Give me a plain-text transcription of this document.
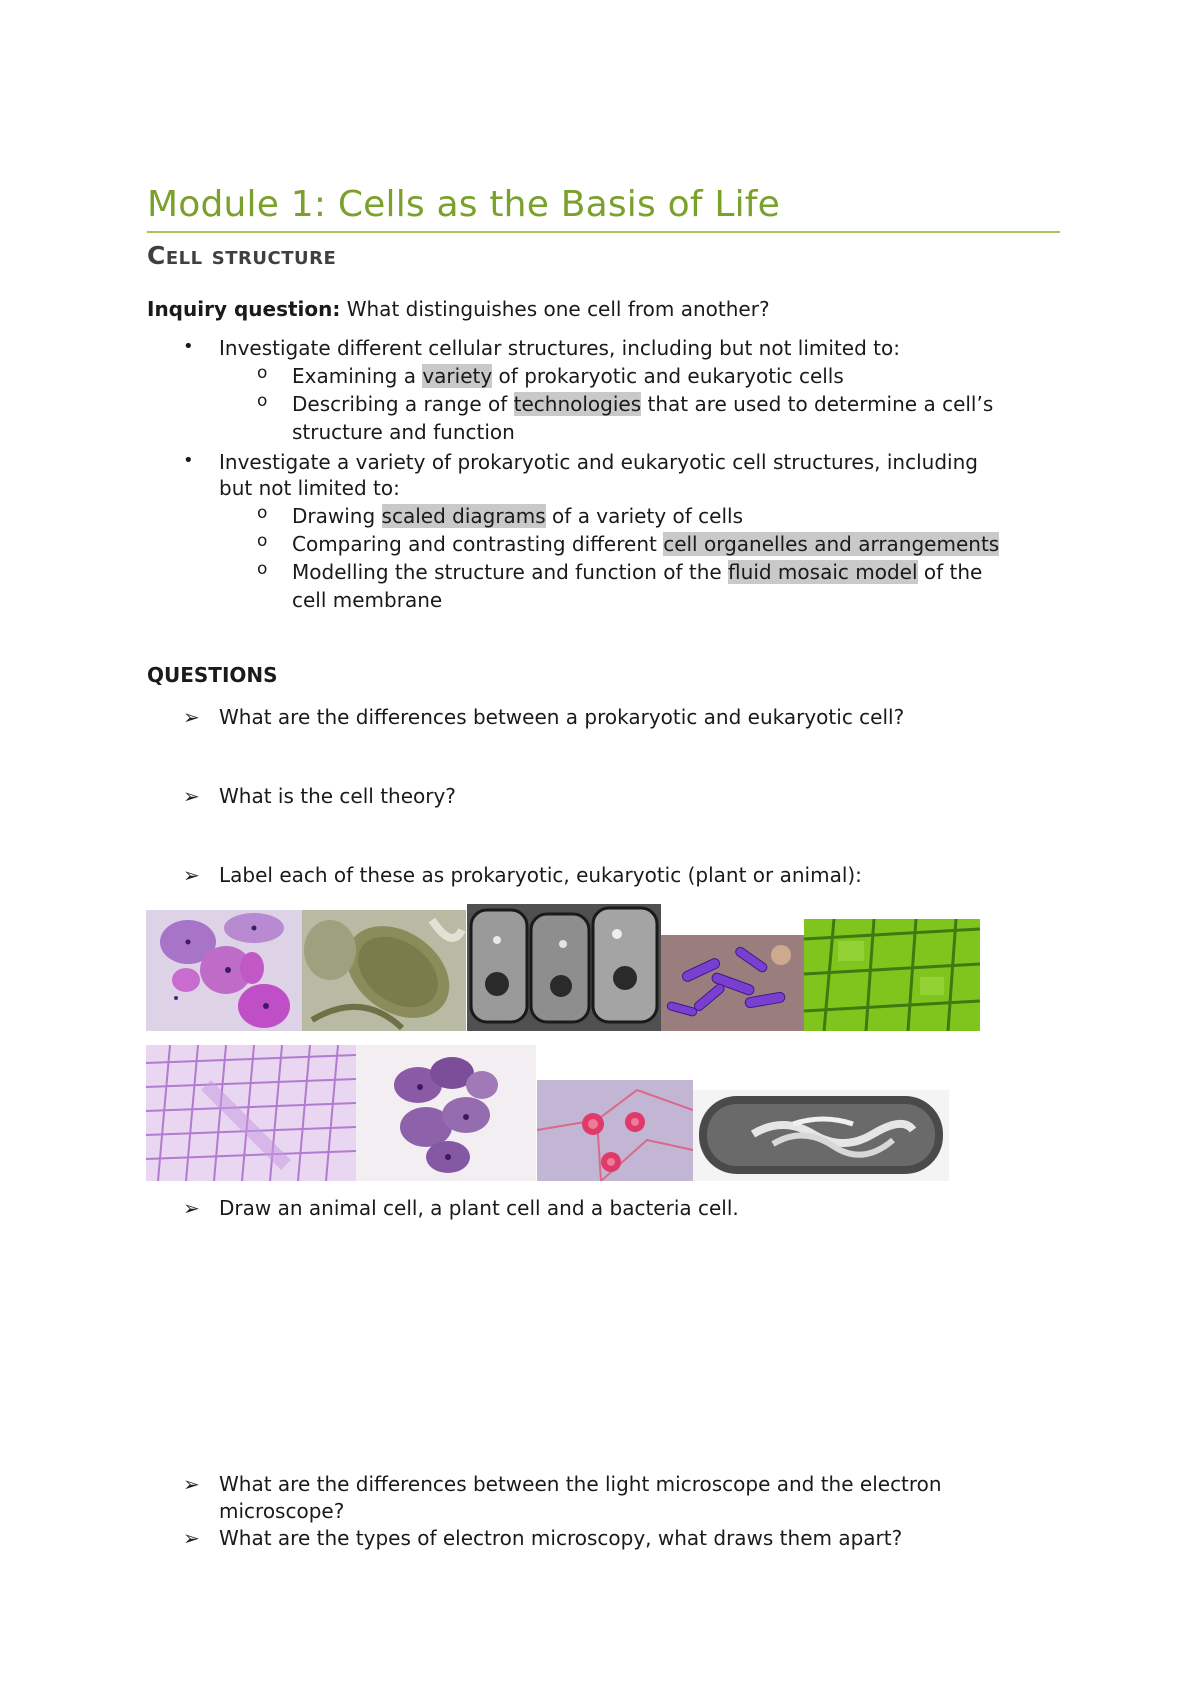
Module 1: Cells as the Basis of Life
Cell structure
Inquiry question: What distinguishes one cell from another?
• Investigate different cellular structures, including but not limited to:
o Examining a variety of prokaryotic and eukaryotic cells
o Describing a range of technologies that are used to determine a cell’s
structure and function
• Investigate a variety of prokaryotic and eukaryotic cell structures, including
but not limited to:
o Drawing scaled diagrams of a variety of cells
o Comparing and contrasting different cell organelles and arrangements
o Modelling the structure and function of the fluid mosaic model of the
cell membrane
QUESTIONS
➢ What are the differences between a prokaryotic and eukaryotic cell?
➢ What is the cell theory?
➢ Label each of these as prokaryotic, eukaryotic (plant or animal):
➢ Draw an animal cell, a plant cell and a bacteria cell.
➢ What are the differences between the light microscope and the electron
microscope?
➢ What are the types of electron microscopy, what draws them apart?
